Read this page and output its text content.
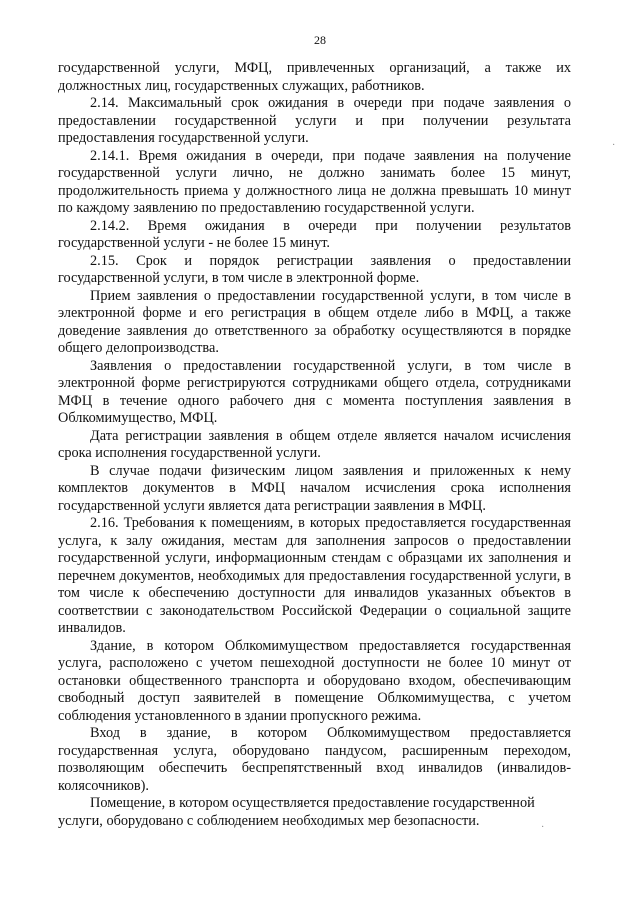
28

государственной услуги, МФЦ, привлеченных организаций, а также их должностных лиц, государственных служащих, работников.

2.14. Максимальный срок ожидания в очереди при подаче заявления о предоставлении государственной услуги и при получении результата предоставления государственной услуги.

2.14.1. Время ожидания в очереди, при подаче заявления на получение государственной услуги лично, не должно занимать более 15 минут, продолжительность приема у должностного лица не должна превышать 10 минут по каждому заявлению по предоставлению государственной услуги.

2.14.2. Время ожидания в очереди при получении результатов государственной услуги - не более 15 минут.

2.15. Срок и порядок регистрации заявления о предоставлении государственной услуги, в том числе в электронной форме.

Прием заявления о предоставлении государственной услуги, в том числе в электронной форме и его регистрация в общем отделе либо в МФЦ, а также доведение заявления до ответственного за обработку осуществляются в порядке общего делопроизводства.

Заявления о предоставлении государственной услуги, в том числе в электронной форме регистрируются сотрудниками общего отдела, сотрудниками МФЦ в течение одного рабочего дня с момента поступления заявления в Облкомимущество, МФЦ.

Дата регистрации заявления в общем отделе является началом исчисления срока исполнения государственной услуги.

В случае подачи физическим лицом заявления и приложенных к нему комплектов документов в МФЦ началом исчисления срока исполнения государственной услуги является дата регистрации заявления в МФЦ.

2.16. Требования к помещениям, в которых предоставляется государственная услуга, к залу ожидания, местам для заполнения запросов о предоставлении государственной услуги, информационным стендам с образцами их заполнения и перечнем документов, необходимых для предоставления государственной услуги, в том числе к обеспечению доступности для инвалидов указанных объектов в соответствии с законодательством Российской Федерации о социальной защите инвалидов.

Здание, в котором Облкомимуществом предоставляется государственная услуга, расположено с учетом пешеходной доступности не более 10 минут от остановки общественного транспорта и оборудовано входом, обеспечивающим свободный доступ заявителей в помещение Облкомимущества, с учетом соблюдения установленного в здании пропускного режима.

Вход в здание, в котором Облкомимуществом предоставляется государственная услуга, оборудовано пандусом, расширенным переходом, позволяющим обеспечить беспрепятственный вход инвалидов (инвалидов-колясочников).

Помещение, в котором осуществляется предоставление государственной услуги, оборудовано с соблюдением необходимых мер безопасности.

·
·
